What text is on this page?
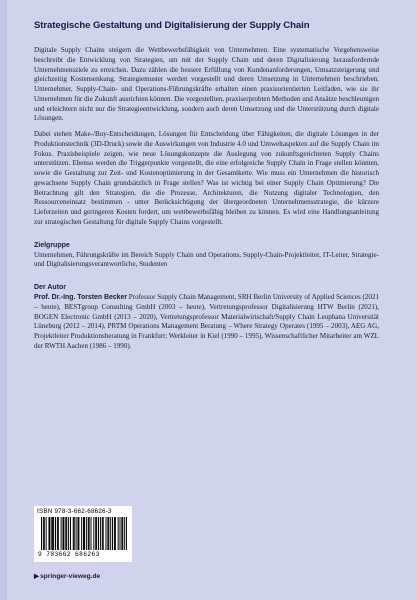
Strategische Gestaltung und Digitalisierung der Supply Chain

Digitale Supply Chains steigern die Wettbewerbsfähigkeit von Unternehmen. Eine systematische Vorgehensweise beschreibt die Entwicklung von Strategien, um mit der Supply Chain und deren Digitalisierung herausfordernde Unternehmensziele zu erreichen. Dazu zählen die bessere Erfüllung von Kundenanforderungen, Umsatzsteigerung und gleichzeitig Kostensenkung. Strategiemuster werden vorgestellt und deren Umsetzung in Unternehmen beschrieben. Unternehmer, Supply-Chain- und Operations-Führungskräfte erhalten einen praxisorientierten Leitfaden, wie sie ihr Unternehmen für die Zukunft ausrichten können. Die vorgestellten, praxiserprobten Methoden und Ansätze beschleunigen und erleichtern nicht nur die Strategieentwicklung, sondern auch deren Umsetzung und die Unterstützung durch digitale Lösungen.

Dabei stehen Make-/Buy-Entscheidungen, Lösungen für Entscheidung über Fähigkeiten, die digitale Lösungen in der Produktionstechnik (3D-Druck) sowie die Auswirkungen von Industrie 4.0 und Umweltaspekten auf die Supply Chain im Fokus. Praxisbeispiele zeigen, wie neue Lösungskonzepte die Auslegung von zukunftsgerichteten Supply Chains unterstützen. Ebenso werden die Triggerpunkte vorgestellt, die eine erfolgreiche Supply Chain in Frage stellen könnten, sowie die Gestaltung zur Zeit- und Kostenoptimierung in der Gesamtkette. Wie muss ein Unternehmen die historisch gewachsene Supply Chain grundsätzlich in Frage stellen? Was ist wichtig bei einer Supply Chain Optimierung? Die Betrachtung gilt den Strategien, die die Prozesse, Architekturen, die Nutzung digitaler Technologien, den Ressourceneinsatz bestimmen - unter Berücksichtigung der übergeordneten Unternehmensstrategie, die kürzere Lieferzeiten und geringeren Kosten fordert, um wettbewerbsfähig bleiben zu können. Es wird eine Handlungsanleitung zur strategischen Gestaltung für digitale Supply Chains vorgestellt.

Zielgruppe

Unternehmen, Führungskräfte im Bereich Supply Chain und Operations, Supply-Chain-Projektleiter, IT-Leiter, Strategie- und Digitalisierungsverantwortliche, Studenten

Der Autor

Prof. Dr.-Ing. Torsten Becker Professor Supply Chain Management, SRH Berlin University of Applied Sciences (2021 – heute), BESTgroup Consulting GmbH (2003 – heute), Vertretungsprofessor Digitalisierung HTW Berlin (2021), BOGEN Electronic GmbH (2013 – 2020), Vertretungsprofessor Materialwirtschaft/Supply Chain Leuphana Universität Lüneburg (2012 – 2014), PRTM Operations Management Beratung – Where Strategy Operates (1995 – 2003), AEG AG, Projektleiter Produktionsberatung in Frankfurt; Werkleiter in Kiel (1990 – 1995), Wissenschaftlicher Mitarbeiter am WZL der RWTH Aachen (1986 – 1990).

ISBN 978-3-662-68626-3
9 783662 686263
▶springer-vieweg.de
